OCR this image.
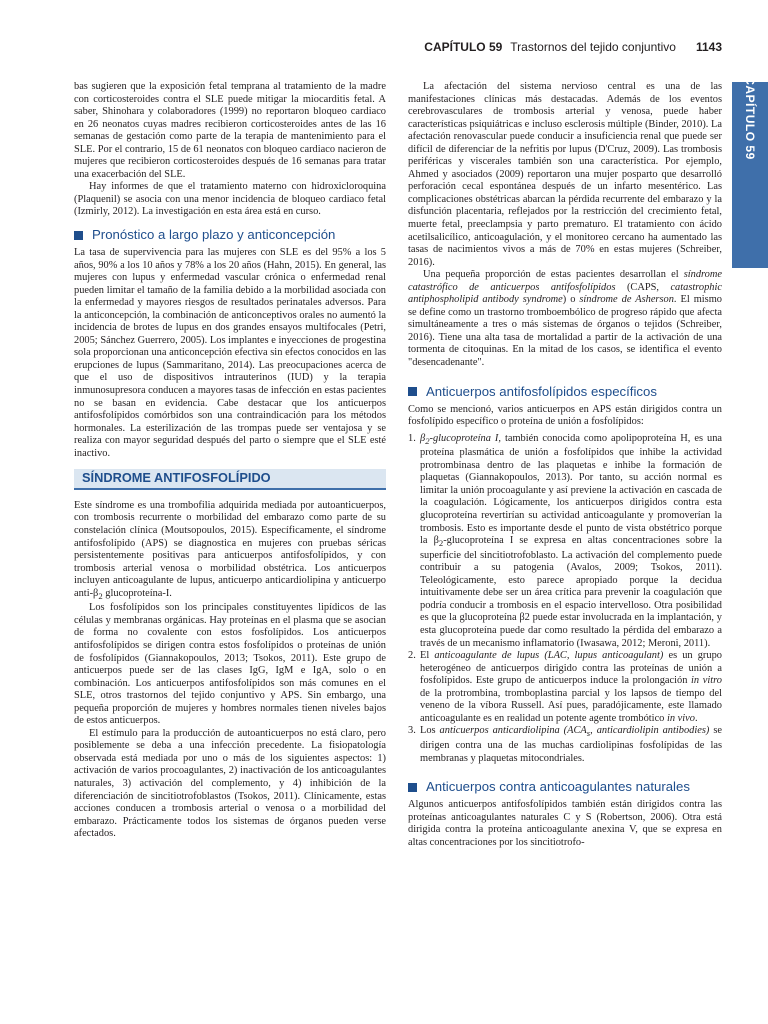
CAPÍTULO 59 Trastornos del tejido conjuntivo 1143
CAPÍTULO 59

bas sugieren que la exposición fetal temprana al tratamiento de la madre con corticosteroides contra el SLE puede mitigar la miocarditis fetal. A saber, Shinohara y colaboradores (1999) no reportaron bloqueo cardiaco en 26 neonatos cuyas madres recibieron corticosteroides antes de las 16 semanas de gestación como parte de la terapia de mantenimiento para el SLE. Por el contrario, 15 de 61 neonatos con bloqueo cardiaco nacieron de mujeres que recibieron corticosteroides después de 16 semanas para tratar una exacerbación del SLE.

Hay informes de que el tratamiento materno con hidroxicloroquina (Plaquenil) se asocia con una menor incidencia de bloqueo cardiaco fetal (Izmirly, 2012). La investigación en esta área está en curso.

Pronóstico a largo plazo y anticoncepción

La tasa de supervivencia para las mujeres con SLE es del 95% a los 5 años, 90% a los 10 años y 78% a los 20 años (Hahn, 2015). En general, las mujeres con lupus y enfermedad vascular crónica o enfermedad renal pueden limitar el tamaño de la familia debido a la morbilidad asociada con la enfermedad y mayores riesgos de resultados perinatales adversos. Para la anticoncepción, la combinación de anticonceptivos orales no aumentó la incidencia de brotes de lupus en dos grandes ensayos multifocales (Petri, 2005; Sánchez Guerrero, 2005). Los implantes e inyecciones de progestina sola proporcionan una anticoncepción efectiva sin efectos conocidos en las erupciones de lupus (Sammaritano, 2014). Las preocupaciones acerca de que el uso de dispositivos intrauterinos (IUD) y la terapia inmunosupresora conducen a mayores tasas de infección en estas pacientes no se basan en evidencia. Cabe destacar que los anticuerpos antifosfolípidos comórbidos son una contraindicación para los métodos hormonales. La esterilización de las trompas puede ser ventajosa y se realiza con mayor seguridad después del parto o siempre que el SLE esté inactivo.

SÍNDROME ANTIFOSFOLÍPIDO

Este síndrome es una trombofilia adquirida mediada por autoanticuerpos, con trombosis recurrente o morbilidad del embarazo como parte de su constelación clínica (Moutsopoulos, 2015). Específicamente, el síndrome antifosfolípido (APS) se diagnostica en mujeres con pruebas séricas persistentemente positivas para anticuerpos antifosfolípidos, y con trombosis arterial venosa o morbilidad obstétrica. Los anticuerpos incluyen anticoagulante de lupus, anticuerpo anticardiolipina y anticuerpo anti-$\beta_2$ glucoproteína-I.

Los fosfolípidos son los principales constituyentes lipídicos de las células y membranas orgánicas. Hay proteínas en el plasma que se asocian de forma no covalente con estos fosfolípidos. Los anticuerpos antifosfolípidos se dirigen contra estos fosfolípidos o proteínas de unión de fosfolípidos (Giannakopoulos, 2013; Tsokos, 2011). Este grupo de anticuerpos puede ser de las clases IgG, IgM e IgA, solo o en combinación. Los anticuerpos antifosfolípidos son más comunes en el SLE, otros trastornos del tejido conjuntivo y APS. Sin embargo, una pequeña proporción de mujeres y hombres normales tienen niveles bajos de estos anticuerpos.

El estímulo para la producción de autoanticuerpos no está claro, pero posiblemente se deba a una infección precedente. La fisiopatología observada está mediada por uno o más de los siguientes aspectos: 1) activación de varios procoagulantes, 2) inactivación de los anticoagulantes naturales, 3) activación del complemento, y 4) inhibición de la diferenciación de sincitiotrofoblastos (Tsokos, 2011). Clínicamente, estas acciones conducen a trombosis arterial o venosa o a morbilidad del embarazo. Prácticamente todos los sistemas de órganos pueden verse afectados.

La afectación del sistema nervioso central es una de las manifestaciones clínicas más destacadas. Además de los eventos cerebrovasculares de trombosis arterial y venosa, puede haber características psiquiátricas e incluso esclerosis múltiple (Binder, 2010). La afectación renovascular puede conducir a insuficiencia renal que puede ser difícil de diferenciar de la nefritis por lupus (D'Cruz, 2009). Las trombosis periféricas y viscerales también son una característica. Por ejemplo, Ahmed y asociados (2009) reportaron una mujer posparto que desarrolló perforación cecal espontánea después de un infarto mesentérico. Las complicaciones obstétricas abarcan la pérdida recurrente del embarazo y la disfunción placentaria, reflejados por la restricción del crecimiento fetal, muerte fetal, preeclampsia y parto prematuro. El tratamiento con ácido acetilsalicílico, anticoagulación, y el monitoreo cercano ha aumentado las tasas de nacimientos vivos a más de 70% en estas mujeres (Schreiber, 2016).

Una pequeña proporción de estas pacientes desarrollan el síndrome catastrófico de anticuerpos antifosfolípidos (CAPS, catastrophic antiphospholipid antibody syndrome) o síndrome de Asherson. El mismo se define como un trastorno tromboembólico de progreso rápido que afecta simultáneamente a tres o más sistemas de órganos o tejidos (Schreiber, 2016). Tiene una alta tasa de mortalidad a partir de la activación de una tormenta de citoquinas. En la mitad de los casos, se identifica el evento "desencadenante".

Anticuerpos antifosfolípidos específicos

Como se mencionó, varios anticuerpos en APS están dirigidos contra un fosfolípido específico o proteína de unión a fosfolípidos:

1. $\beta_2$-glucoproteína I, también conocida como apolipoproteína H, es una proteína plasmática de unión a fosfolípidos que inhibe la actividad protrombinasa dentro de las plaquetas e inhibe la formación de plaquetas (Giannakopoulos, 2013). Por tanto, su acción normal es limitar la unión procoagulante y así previene la activación en cascada de la coagulación. Lógicamente, los anticuerpos dirigidos contra esta glucoproteína revertirían su actividad anticoagulante y promoverían la trombosis. Esto es importante desde el punto de vista obstétrico porque la $\beta_2$-glucoproteína I se expresa en altas concentraciones sobre la superficie del sincitiotrofoblasto. La activación del complemento puede contribuir a su patogenia (Avalos, 2009; Tsokos, 2011). Teleológicamente, esto parece apropiado porque la decidua intuitivamente debe ser un área crítica para prevenir la coagulación que podría conducir a trombosis en el espacio intervelloso. Otra posibilidad es que la glucoproteína β2 puede estar involucrada en la implantación, y esta glucoproteína puede dar como resultado la pérdida del embarazo a través de un mecanismo inflamatorio (Iwasawa, 2012; Meroni, 2011).
2. El anticoagulante de lupus (LAC, lupus anticoagulant) es un grupo heterogéneo de anticuerpos dirigido contra las proteínas de unión a fosfolípidos. Este grupo de anticuerpos induce la prolongación in vitro de la protrombina, tromboplastina parcial y los lapsos de tiempo del veneno de la víbora Russell. Así pues, paradójicamente, este llamado anticoagulante es en realidad un potente agente trombótico in vivo.
3. Los anticuerpos anticardiolipina ($ACA_s$, anticardiolipin antibodies) se dirigen contra una de las muchas cardiolipinas fosfolípidas de las membranas y plaquetas mitocondriales.
Anticuerpos contra anticoagulantes naturales

Algunos anticuerpos antifosfolípidos también están dirigidos contra las proteínas anticoagulantes naturales C y S (Robertson, 2006). Otra está dirigida contra la proteína anticoagulante anexina V, que se expresa en altas concentraciones por los sincitiotrofo-
